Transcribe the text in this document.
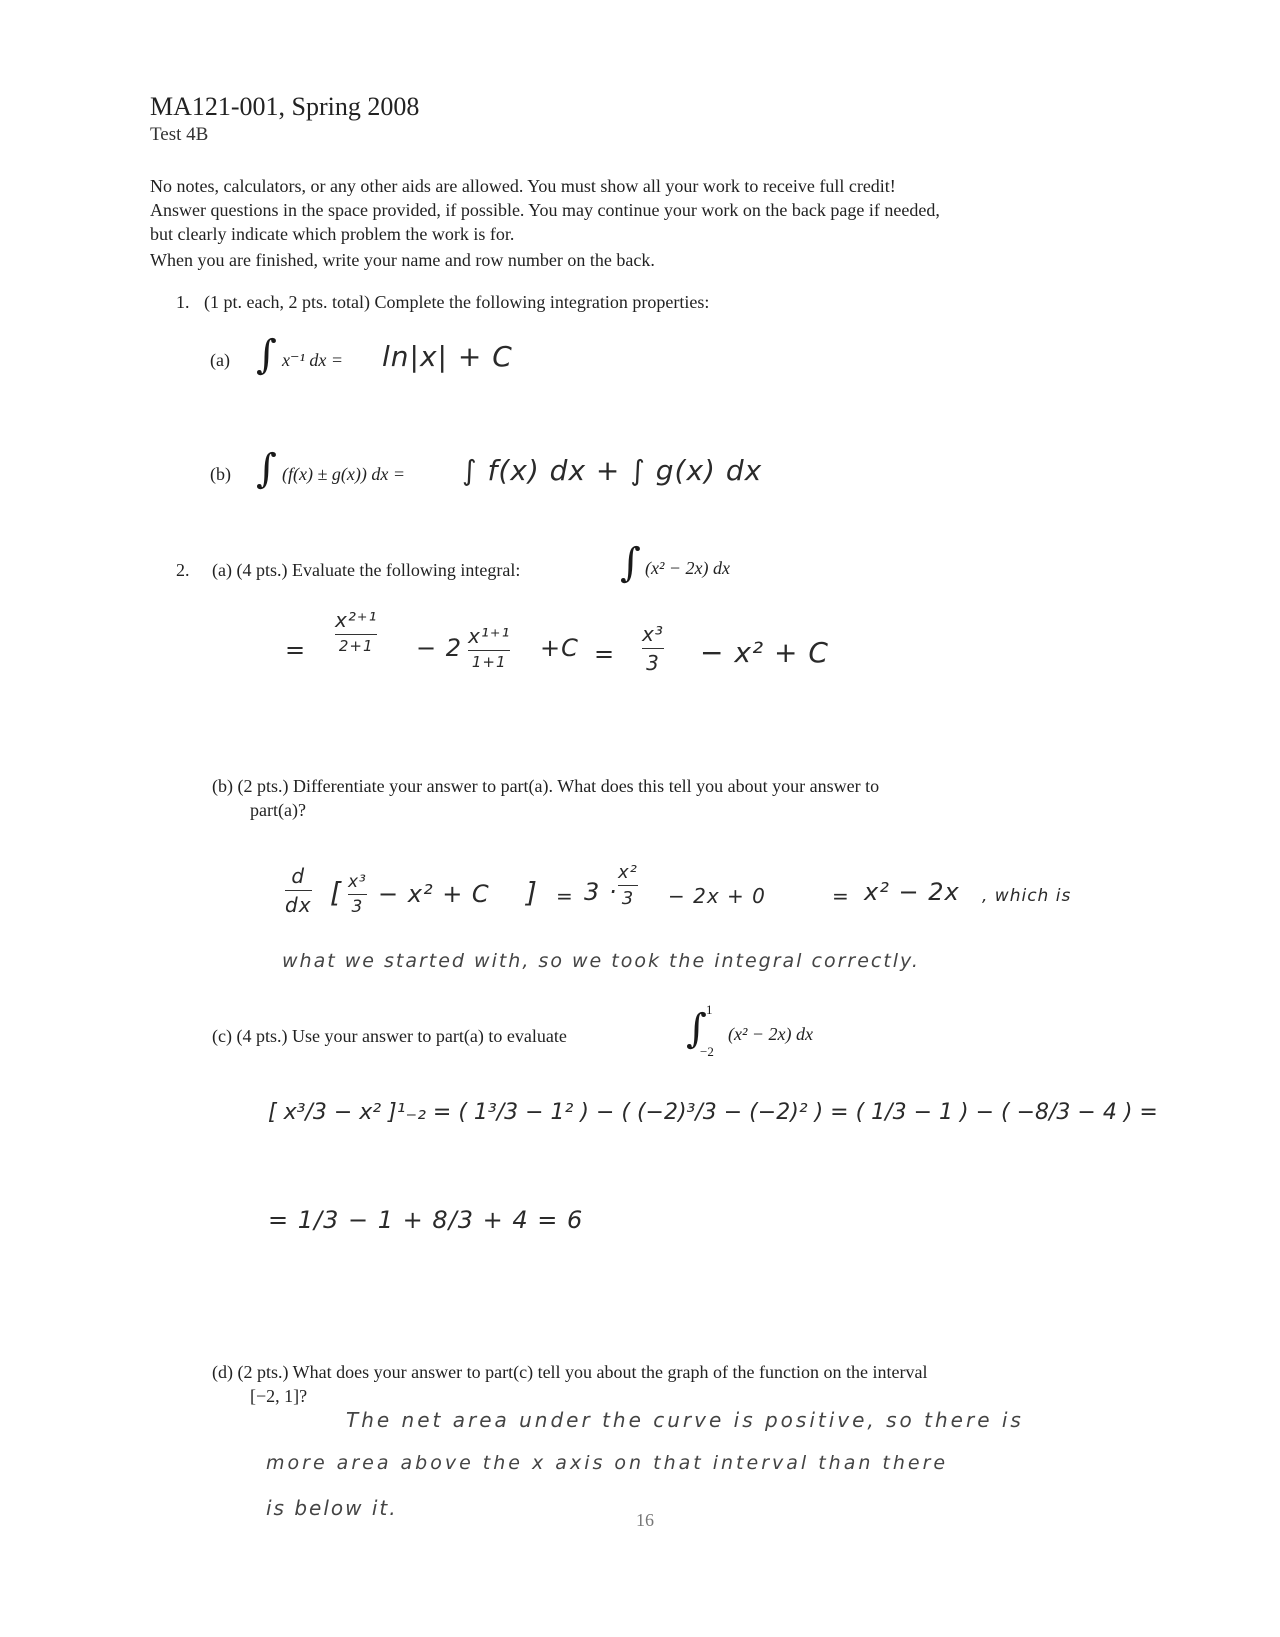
MA121-001, Spring 2008
Test 4B
No notes, calculators, or any other aids are allowed. You must show all your work to receive full credit!
Answer questions in the space provided, if possible. You may continue your work on the back page if needed,
but clearly indicate which problem the work is for.
When you are finished, write your name and row number on the back.
1. (1 pt. each, 2 pts. total) Complete the following integration properties:
(a) ∫ x⁻¹ dx = ln|x| + C
(b) ∫ (f(x) ± g(x)) dx = ∫ f(x) dx + ∫ g(x) dx
2. (a) (4 pts.) Evaluate the following integral: ∫ (x² − 2x) dx
=
x²⁺¹
2+1 − 2 x¹⁺¹
1+1 +C =
x³
3 − x² + C
(b) (2 pts.) Differentiate your answer to part(a). What does this tell you about your answer to
part(a)?
d
dx [ x³
3 − x² + C ] = 3 ·
x²
3 − 2x + 0	= x² − 2x , which is
what we started with, so we took the integral correctly.
(c) (4 pts.) Use your answer to part(a) to evaluate	∫ 1
−2
(x² − 2x) dx
[ x³/3 − x² ]¹₋₂ = ( 1³/3 − 1² ) − ( (−2)³/3 − (−2)² ) = ( 1/3 − 1 ) − ( −8/3 − 4 ) =
= 1/3 − 1 + 8/3 + 4 = 6
(d) (2 pts.) What does your answer to part(c) tell you about the graph of the function on the interval
[−2, 1]?
The net area under the curve is positive, so there is
more area above the x axis on that interval than there
is below it.	16
